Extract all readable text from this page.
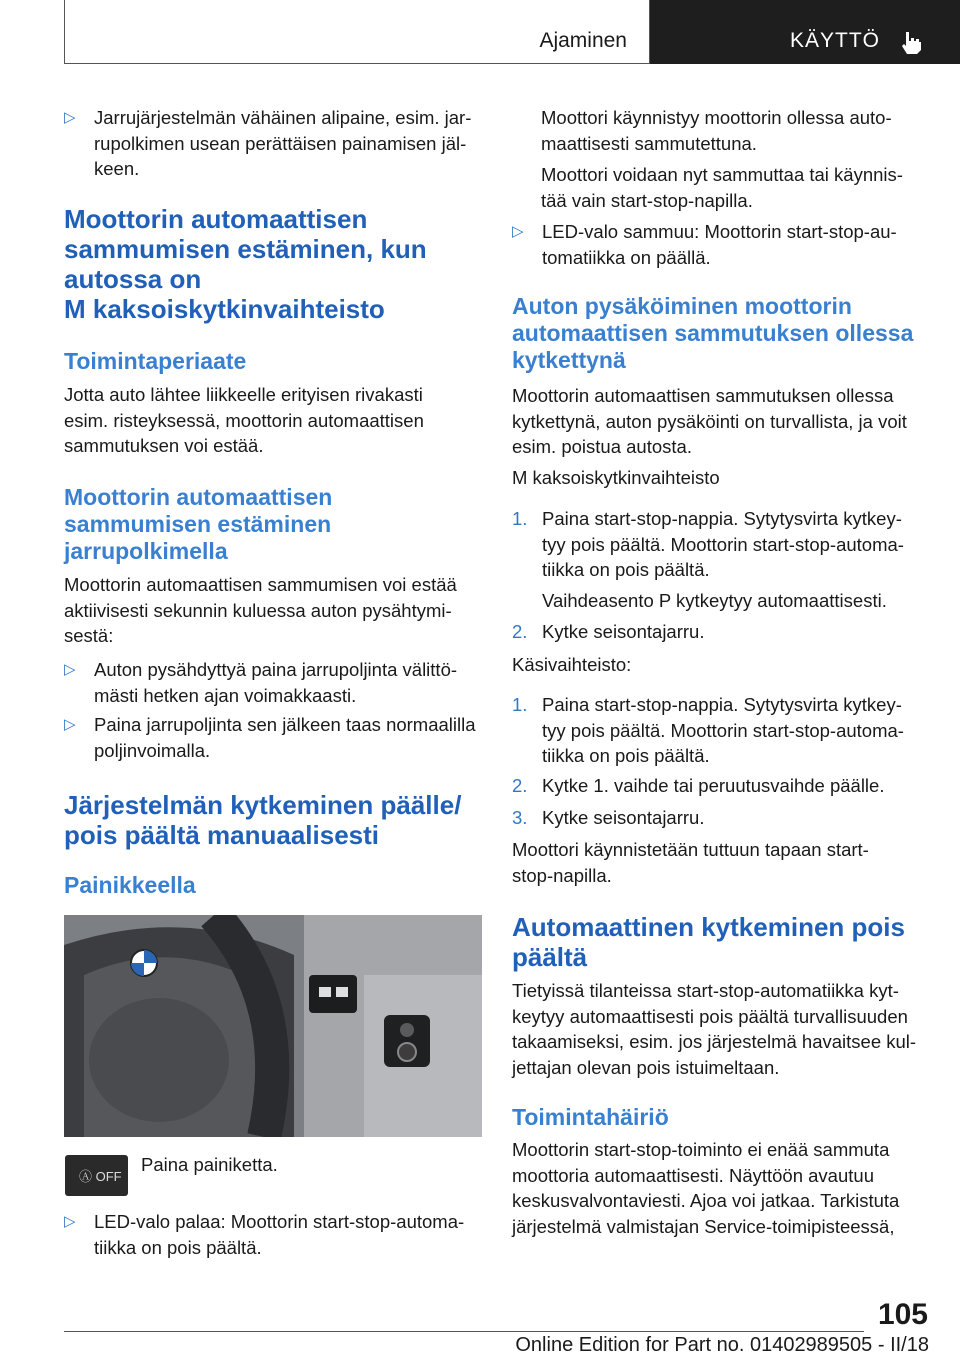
Ajaminen	KÄYTTÖ
▷ Jarrujärjestelmän vähäinen alipaine, esim. jar-
rupolkimen usean perättäisen painamisen jäl-
keen.
Moottorin automaattisen
sammumisen estäminen, kun
autossa on
M kaksoiskytkinvaihteisto
Toimintaperiaate

Jotta auto lähtee liikkeelle erityisen rivakasti
esim. risteyksessä, moottorin automaattisen
sammutuksen voi estää.

Moottorin automaattisen
sammumisen estäminen
jarrupolkimella

Moottorin automaattisen sammumisen voi estää
aktiivisesti sekunnin kuluessa auton pysähtymi-
sestä:

▷ Auton pysähdyttyä paina jarrupoljinta välittö-
mästi hetken ajan voimakkaasti.
▷ Paina jarrupoljinta sen jälkeen taas normaalilla
poljinvoimalla.
Järjestelmän kytkeminen päälle/
pois päältä manuaalisesti
Painikkeella
Ⓐ OFF

Paina painiketta.

▷ LED-valo palaa: Moottorin start-stop-automa-
tiikka on pois päältä.

Moottori käynnistyy moottorin ollessa auto-
maattisesti sammutettuna.

Moottori voidaan nyt sammuttaa tai käynnis-
tää vain start-stop-napilla.

▷ LED-valo sammuu: Moottorin start-stop-au-
tomatiikka on päällä.
Auton pysäköiminen moottorin
automaattisen sammutuksen ollessa
kytkettynä

Moottorin automaattisen sammutuksen ollessa
kytkettynä, auton pysäköinti on turvallista, ja voit
esim. poistua autosta.

M kaksoiskytkinvaihteisto

1. Paina start-stop-nappia. Sytytysvirta kytkey-
tyy pois päältä. Moottorin start-stop-automa-
tiikka on pois päältä.
Vaihdeasento P kytkeytyy automaattisesti.
2. Kytke seisontajarru.

Käsivaihteisto:

1. Paina start-stop-nappia. Sytytysvirta kytkey-
tyy pois päältä. Moottorin start-stop-automa-
tiikka on pois päältä.
2. Kytke 1. vaihde tai peruutusvaihde päälle.
3. Kytke seisontajarru.

Moottori käynnistetään tuttuun tapaan start-
stop-napilla.

Automaattinen kytkeminen pois
päältä

Tietyissä tilanteissa start-stop-automatiikka kyt-
keytyy automaattisesti pois päältä turvallisuuden
takaamiseksi, esim. jos järjestelmä havaitsee kul-
jettajan olevan pois istuimeltaan.

Toimintahäiriö

Moottorin start-stop-toiminto ei enää sammuta
moottoria automaattisesti. Näyttöön avautuu
keskusvalvontaviesti. Ajoa voi jatkaa. Tarkistuta
järjestelmä valmistajan Service-toimipisteessä,

105
Online Edition for Part no. 01402989505 - II/18
